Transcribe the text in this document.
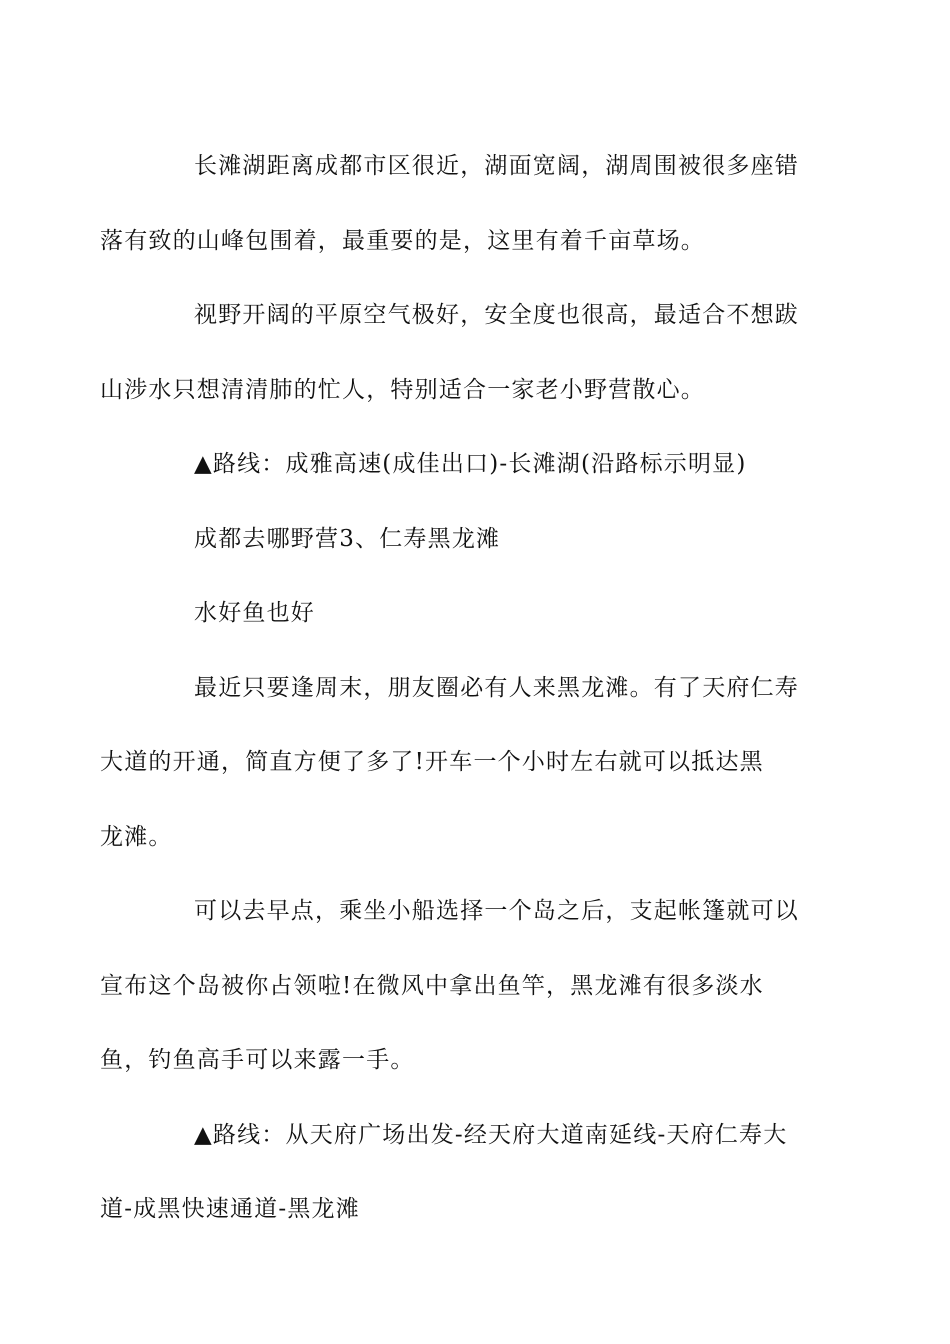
长滩湖距离成都市区很近，湖面宽阔，湖周围被很多座错
落有致的山峰包围着，最重要的是，这里有着千亩草场。

视野开阔的平原空气极好，安全度也很高，最适合不想跋
山涉水只想清清肺的忙人，特别适合一家老小野营散心。

▲路线：成雅高速(成佳出口)-长滩湖(沿路标示明显)

成都去哪野营3、仁寿黑龙滩

水好鱼也好

最近只要逢周末，朋友圈必有人来黑龙滩。有了天府仁寿
大道的开通，简直方便了多了!开车一个小时左右就可以抵达黑
龙滩。

可以去早点，乘坐小船选择一个岛之后，支起帐篷就可以
宣布这个岛被你占领啦!在微风中拿出鱼竿，黑龙滩有很多淡水
鱼，钓鱼高手可以来露一手。

▲路线：从天府广场出发-经天府大道南延线-天府仁寿大
道-成黑快速通道-黑龙滩
